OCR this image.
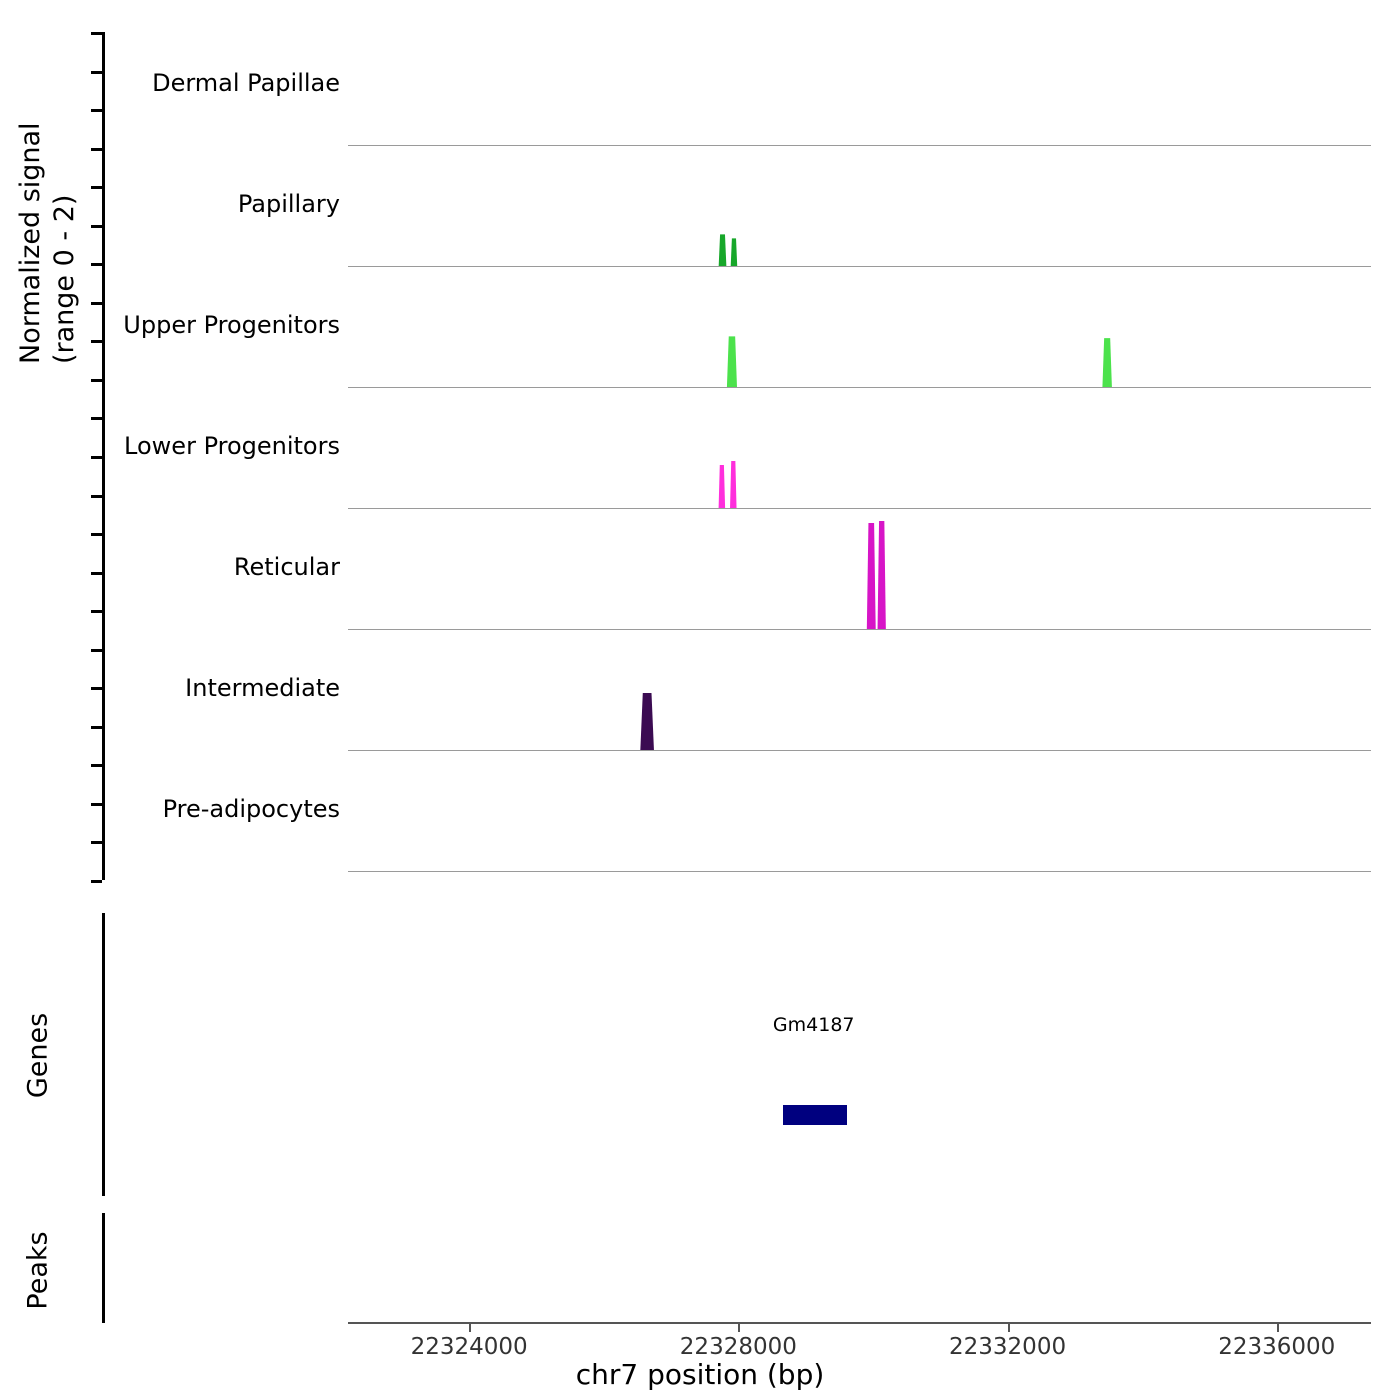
Normalized signal (range 0 - 2)
Dermal Papillae
Papillary
Upper Progenitors
Lower Progenitors
Reticular
Intermediate
Pre-adipocytes
Gm4187
Genes
Peaks
22324000	22328000	22332000	22336000
chr7 position (bp)
